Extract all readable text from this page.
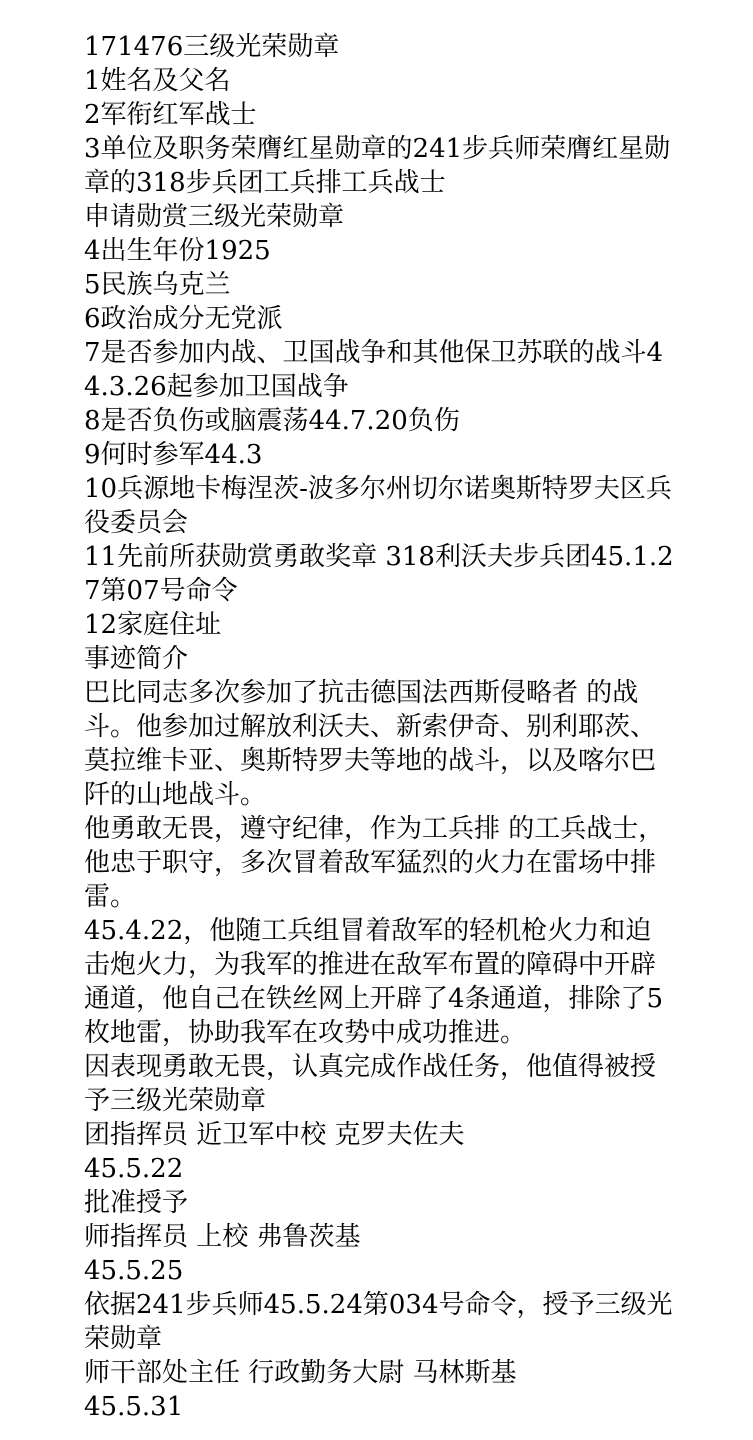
171476三级光荣勋章
1姓名及父名
2军衔红军战士
3单位及职务荣膺红星勋章的241步兵师荣膺红星勋章的318步兵团工兵排工兵战士
申请勋赏三级光荣勋章
4出生年份1925
5民族乌克兰
6政治成分无党派
7是否参加内战、卫国战争和其他保卫苏联的战斗44.3.26起参加卫国战争
8是否负伤或脑震荡44.7.20负伤
9何时参军44.3
10兵源地卡梅涅茨-波多尔州切尔诺奥斯特罗夫区兵役委员会
11先前所获勋赏勇敢奖章 318利沃夫步兵团45.1.27第07号命令
12家庭住址
事迹简介
巴比同志多次参加了抗击德国法西斯侵略者 的战斗。他参加过解放利沃夫、新索伊奇、别利耶茨、莫拉维卡亚、奥斯特罗夫等地的战斗，以及喀尔巴阡的山地战斗。
他勇敢无畏，遵守纪律，作为工兵排 的工兵战士，他忠于职守，多次冒着敌军猛烈的火力在雷场中排雷。
45.4.22，他随工兵组冒着敌军的轻机枪火力和迫击炮火力，为我军的推进在敌军布置的障碍中开辟通道，他自己在铁丝网上开辟了4条通道，排除了5枚地雷，协助我军在攻势中成功推进。
因表现勇敢无畏，认真完成作战任务，他值得被授予三级光荣勋章
团指挥员 近卫军中校 克罗夫佐夫
45.5.22
批准授予
师指挥员 上校 弗鲁茨基
45.5.25
依据241步兵师45.5.24第034号命令，授予三级光荣勋章
师干部处主任 行政勤务大尉 马林斯基
45.5.31
